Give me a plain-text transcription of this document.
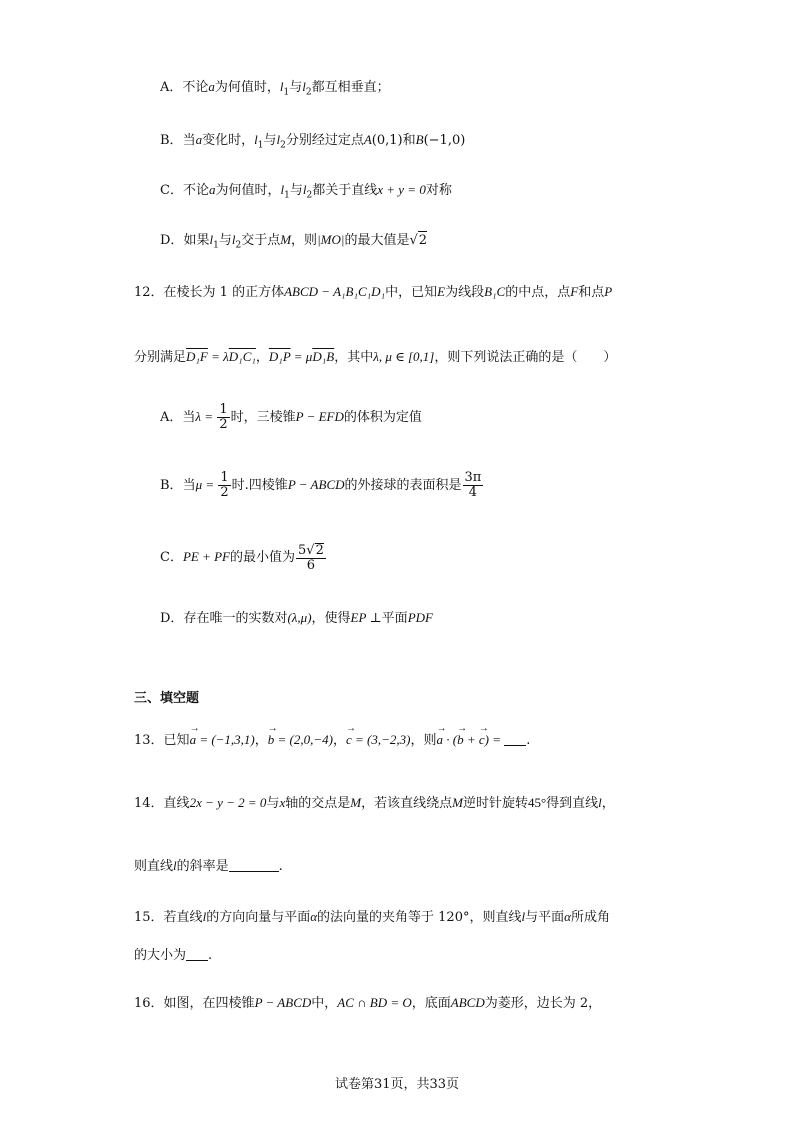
A．不论a为何值时，$l_1$与$l_2$都互相垂直；
B．当a变化时，$l_1$与$l_2$分别经过定点A(0,1)和B(−1,0)
C．不论a为何值时，$l_1$与$l_2$都关于直线x + y = 0对称
D．如果$l_1$与$l_2$交于点M，则|MO|的最大值是√2
12．在棱长为 1 的正方体ABCD − A₁B₁C₁D₁中，已知E为线段B₁C的中点，点F和点P
分别满足D₁F = λD₁C₁，D₁P = μD₁B，其中λ, μ ∈ [0,1]，则下列说法正确的是（　　）
A．当$\lambda = \frac{1}{2}$ 时，三棱锥P − EFD的体积为定值
B．当$\mu = \frac{1}{2}$ 时.四棱锥P − ABCD的外接球的表面积是 $\frac{3\pi}{4}$
C．PE + PF的最小值为 $\frac{5√2}{6}$
D．存在唯一的实数对(λ,μ)，使得EP ⊥平面PDF
三、填空题
13．已知→ a = (−1,3,1)，→ b = (2,0,−4)，→ c = (3,−2,3)，则→ a · (→ b + → c) = .
14．直线2x − y − 2 = 0与x轴的交点是M，若该直线绕点M逆时针旋转45°得到直线l，
则直线l的斜率是	.
15．若直线l的方向向量与平面α的法向量的夹角等于 120°，则直线l与平面α所成角
的大小为 .
16．如图，在四棱锥P − ABCD中，AC ∩ BD = O，底面ABCD为菱形，边长为 2，
试卷第31页，共33页
